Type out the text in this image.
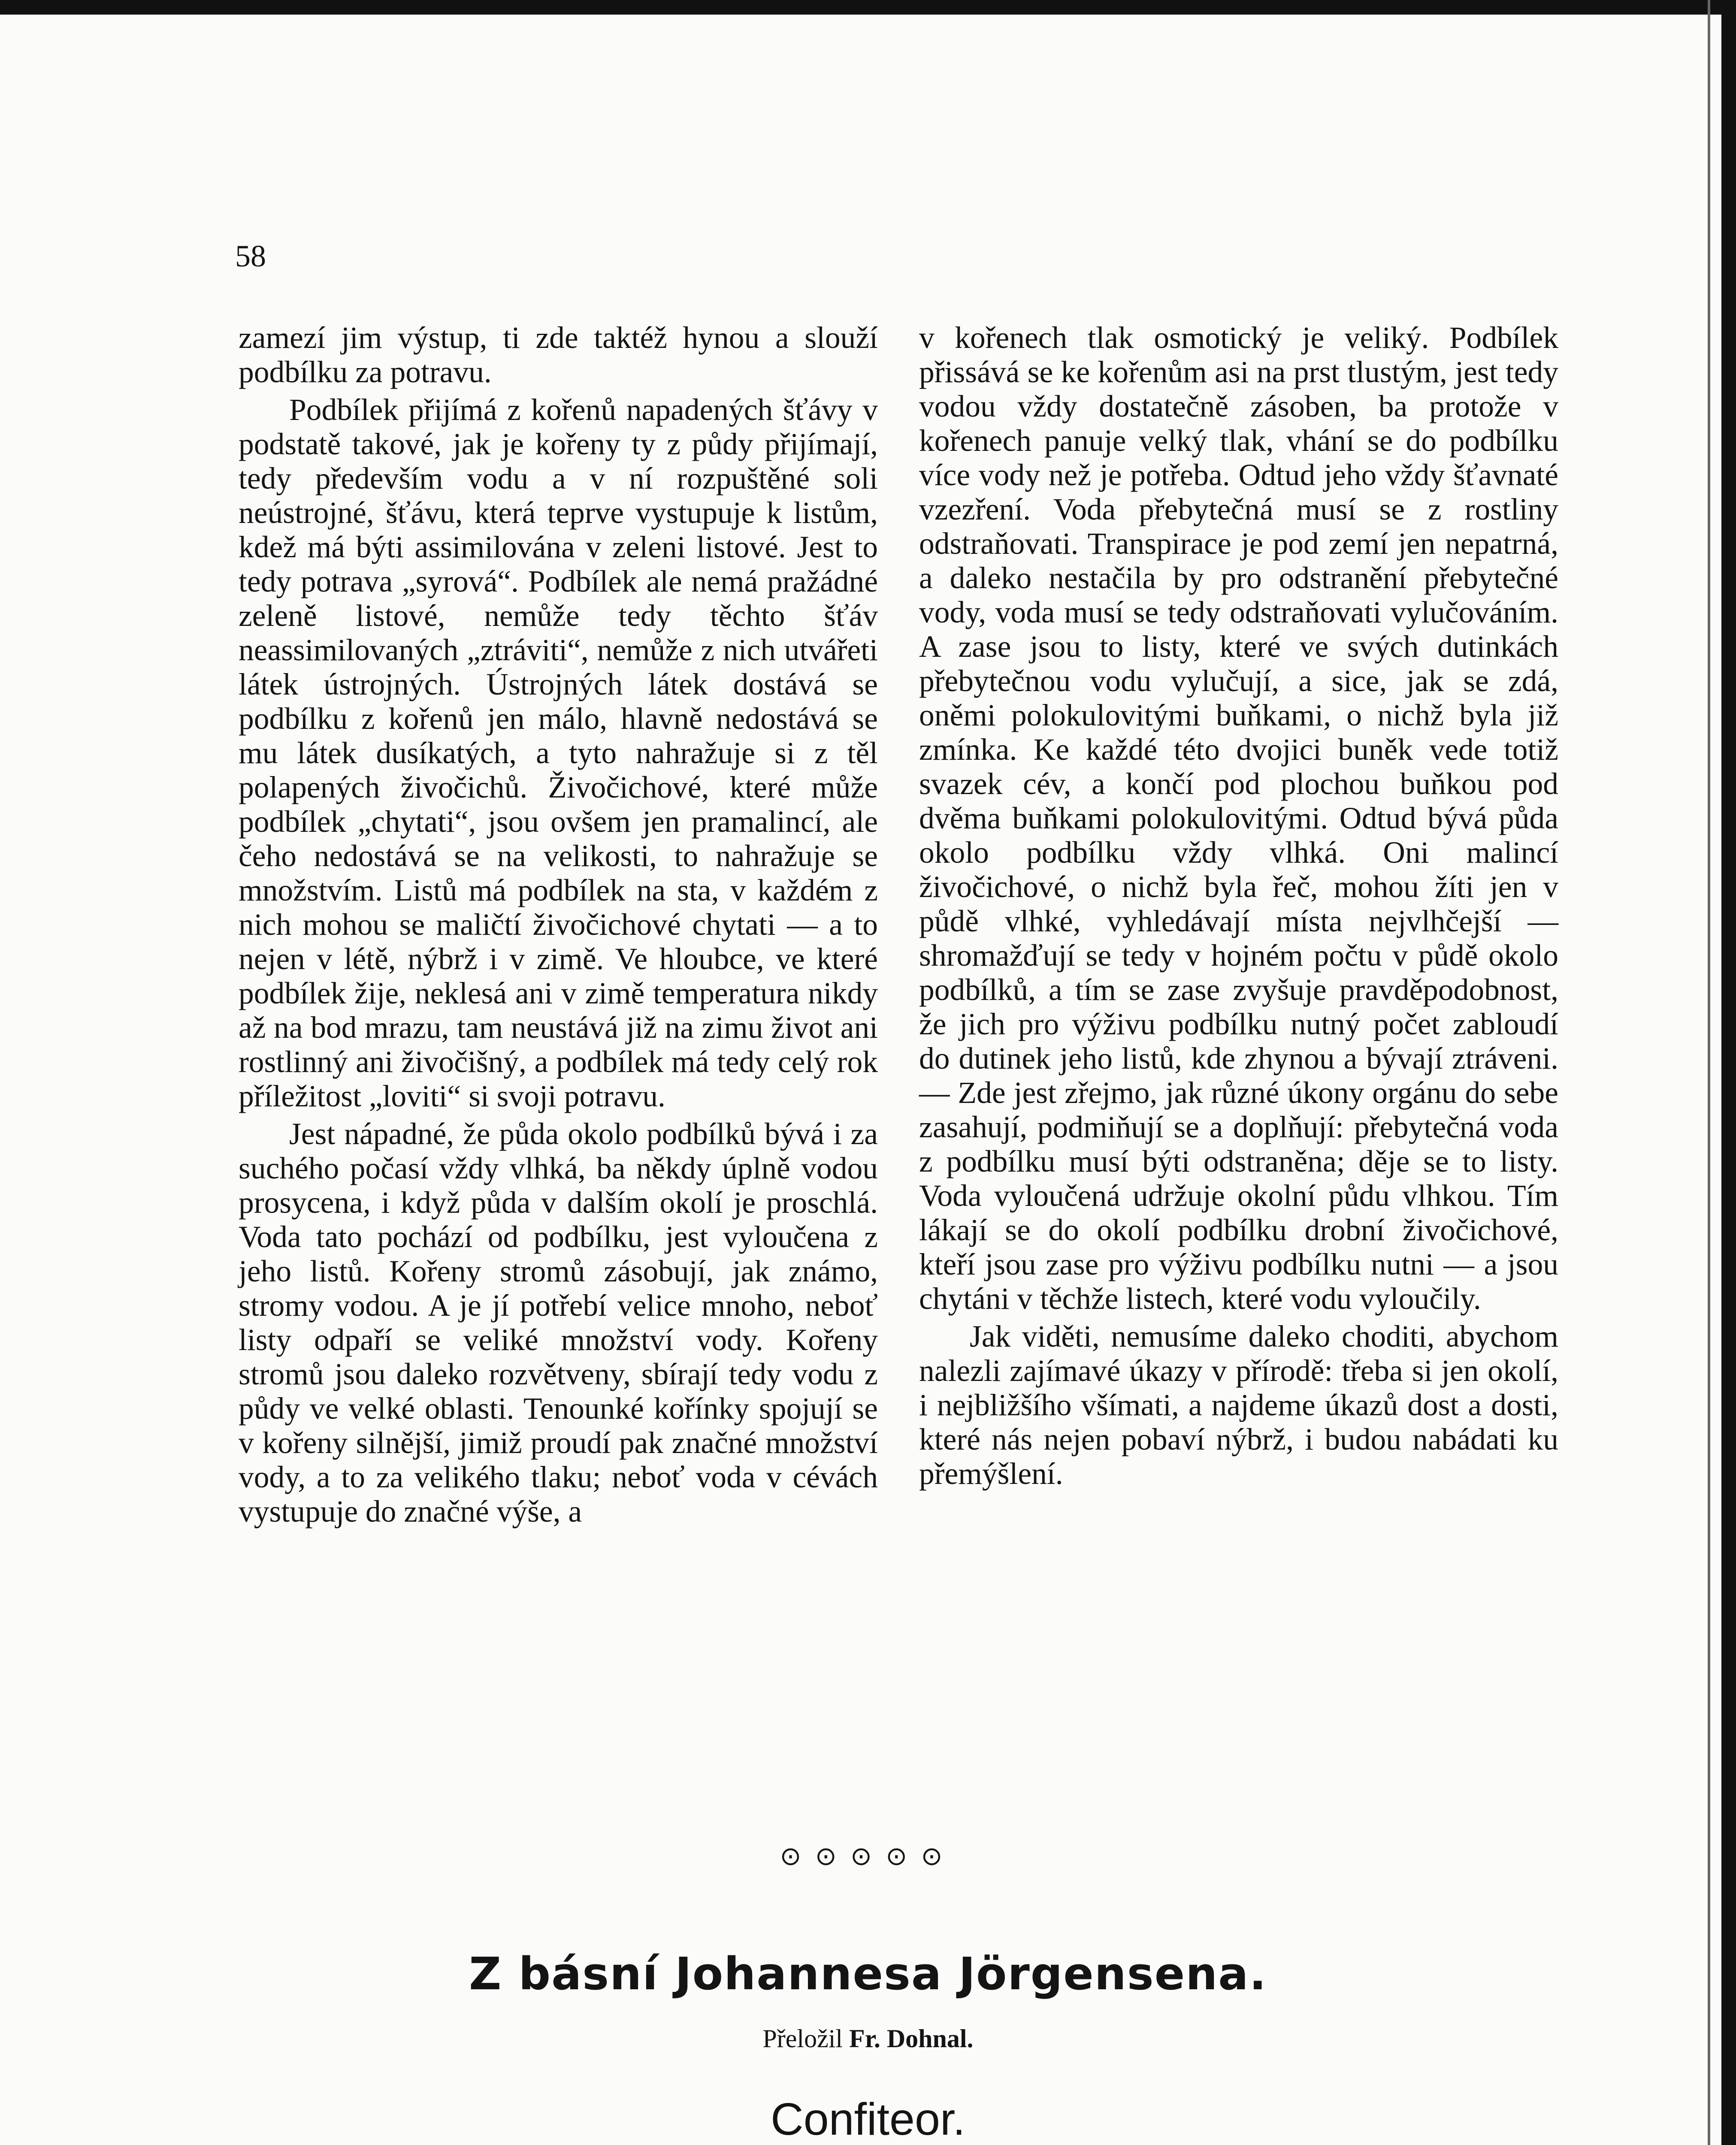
58

zamezí jim výstup, ti zde taktéž hynou a slouží podbílku za potravu.

Podbílek přijímá z kořenů napadených šťávy v podstatě takové, jak je kořeny ty z půdy přijímají, tedy především vodu a v ní rozpuštěné soli neústrojné, šťávu, která teprve vystupuje k listům, kdež má býti assimilována v zeleni listové. Jest to tedy potrava „syrová“. Podbílek ale nemá pražádné zeleně listové, nemůže tedy těchto šťáv neassimilovaných „ztráviti“, nemůže z nich utvářeti látek ústrojných. Ústrojných látek dostává se podbílku z kořenů jen málo, hlavně nedostává se mu látek dusíkatých, a tyto nahražuje si z těl polapených živočichů. Živočichové, které může podbílek „chytati“, jsou ovšem jen pramalincí, ale čeho nedostává se na velikosti, to nahražuje se množstvím. Listů má podbílek na sta, v každém z nich mohou se maličtí živočichové chytati — a to nejen v létě, nýbrž i v zimě. Ve hloubce, ve které podbílek žije, neklesá ani v zimě temperatura nikdy až na bod mrazu, tam neustává již na zimu život ani rostlinný ani živočišný, a podbílek má tedy celý rok příležitost „loviti“ si svoji potravu.

Jest nápadné, že půda okolo podbílků bývá i za suchého počasí vždy vlhká, ba někdy úplně vodou prosycena, i když půda v dalším okolí je proschlá. Voda tato pochází od podbílku, jest vyloučena z jeho listů. Kořeny stromů zásobují, jak známo, stromy vodou. A je jí potřebí velice mnoho, neboť listy odpaří se veliké množství vody. Kořeny stromů jsou daleko rozvětveny, sbírají tedy vodu z půdy ve velké oblasti. Tenounké kořínky spojují se v kořeny silnější, jimiž proudí pak značné množství vody, a to za velikého tlaku; neboť voda v cévách vystupuje do značné výše, a

v kořenech tlak osmotický je veliký. Podbílek přissává se ke kořenům asi na prst tlustým, jest tedy vodou vždy dostatečně zásoben, ba protože v kořenech panuje velký tlak, vhání se do podbílku více vody než je potřeba. Odtud jeho vždy šťavnaté vzezření. Voda přebytečná musí se z rostliny odstraňovati. Transpirace je pod zemí jen nepatrná, a daleko nestačila by pro odstranění přebytečné vody, voda musí se tedy odstraňovati vylučováním. A zase jsou to listy, které ve svých dutinkách přebytečnou vodu vylučují, a sice, jak se zdá, oněmi polokulovitými buňkami, o nichž byla již zmínka. Ke každé této dvojici buněk vede totiž svazek cév, a končí pod plochou buňkou pod dvěma buňkami polokulovitými. Odtud bývá půda okolo podbílku vždy vlhká. Oni malincí živočichové, o nichž byla řeč, mohou žíti jen v půdě vlhké, vyhledávají místa nejvlhčejší — shromažďují se tedy v hojném počtu v půdě okolo podbílků, a tím se zase zvyšuje pravděpodobnost, že jich pro výživu podbílku nutný počet zabloudí do dutinek jeho listů, kde zhynou a bývají ztráveni. — Zde jest zřejmo, jak různé úkony orgánu do sebe zasahují, podmiňují se a doplňují: přebytečná voda z podbílku musí býti odstraněna; děje se to listy. Voda vyloučená udržuje okolní půdu vlhkou. Tím lákají se do okolí podbílku drobní živočichové, kteří jsou zase pro výživu podbílku nutni — a jsou chytáni v těchže listech, které vodu vyloučily.

Jak viděti, nemusíme daleko choditi, abychom nalezli zajímavé úkazy v přírodě: třeba si jen okolí, i nejbližšího všímati, a najdeme úkazů dost a dosti, které nás nejen pobaví nýbrž, i budou nabádati ku přemýšlení.

⊙⊙⊙⊙⊙
Z básní Johannesa Jörgensena.
Přeložil Fr. Dohnal.
Confiteor.
